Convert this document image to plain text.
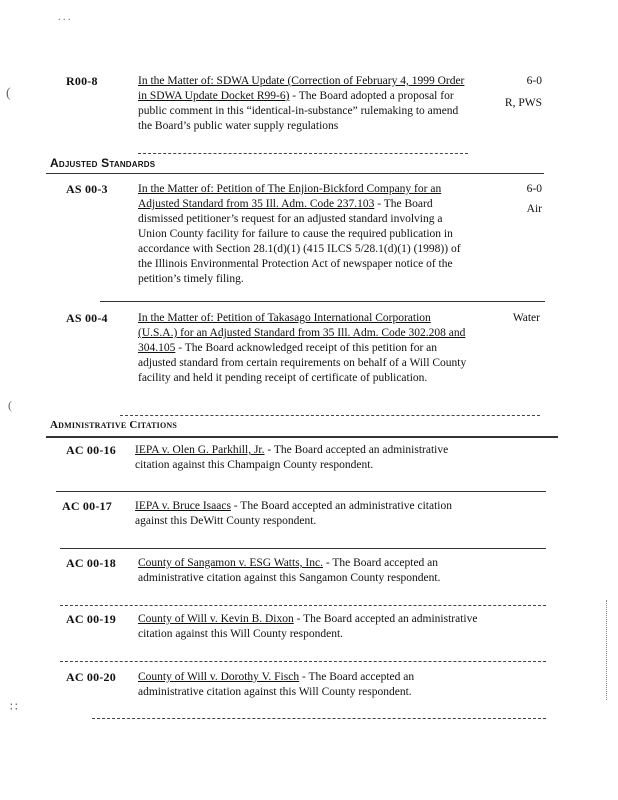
. . .
R00-8	In the Matter of: SDWA Update (Correction of February 4, 1999 Order in SDWA Update Docket R99-6) - The Board adopted a proposal for public comment in this “identical-in-substance” rulemaking to amend the Board’s public water supply regulations
6-0
R, PWS
Adjusted Standards
AS 00-3	In the Matter of: Petition of The Enjion-Bickford Company for an Adjusted Standard from 35 Ill. Adm. Code 237.103 - The Board dismissed petitioner’s request for an adjusted standard involving a Union County facility for failure to cause the required publication in accordance with Section 28.1(d)(1) (415 ILCS 5/28.1(d)(1) (1998)) of the Illinois Environmental Protection Act of newspaper notice of the petition’s timely filing.
6-0
Air
AS 00-4	In the Matter of: Petition of Takasago International Corporation (U.S.A.) for an Adjusted Standard from 35 Ill. Adm. Code 302.208 and 304.105 - The Board acknowledged receipt of this petition for an adjusted standard from certain requirements on behalf of a Will County facility and held it pending receipt of certificate of publication.
Water
Administrative Citations
AC 00-16 IEPA v. Olen G. Parkhill, Jr. - The Board accepted an administrative citation against this Champaign County respondent.
AC 00-17 IEPA v. Bruce Isaacs - The Board accepted an administrative citation against this DeWitt County respondent.
AC 00-18 County of Sangamon v. ESG Watts, Inc. - The Board accepted an administrative citation against this Sangamon County respondent.
AC 00-19 County of Will v. Kevin B. Dixon - The Board accepted an administrative citation against this Will County respondent.
AC 00-20 County of Will v. Dorothy V. Fisch - The Board accepted an administrative citation against this Will County respondent.
(
(
∷
